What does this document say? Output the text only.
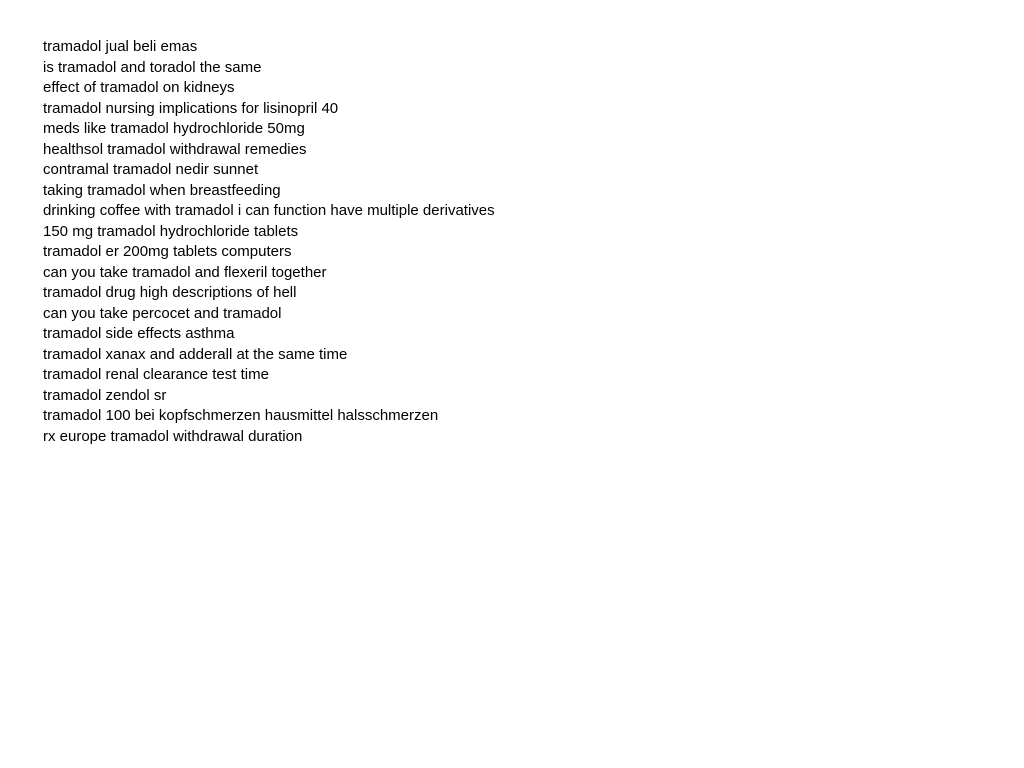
tramadol jual beli emas
is tramadol and toradol the same
effect of tramadol on kidneys
tramadol nursing implications for lisinopril 40
meds like tramadol hydrochloride 50mg
healthsol tramadol withdrawal remedies
contramal tramadol nedir sunnet
taking tramadol when breastfeeding
drinking coffee with tramadol i can function have multiple derivatives
150 mg tramadol hydrochloride tablets
tramadol er 200mg tablets computers
can you take tramadol and flexeril together
tramadol drug high descriptions of hell
can you take percocet and tramadol
tramadol side effects asthma
tramadol xanax and adderall at the same time
tramadol renal clearance test time
tramadol zendol sr
tramadol 100 bei kopfschmerzen hausmittel halsschmerzen
rx europe tramadol withdrawal duration
